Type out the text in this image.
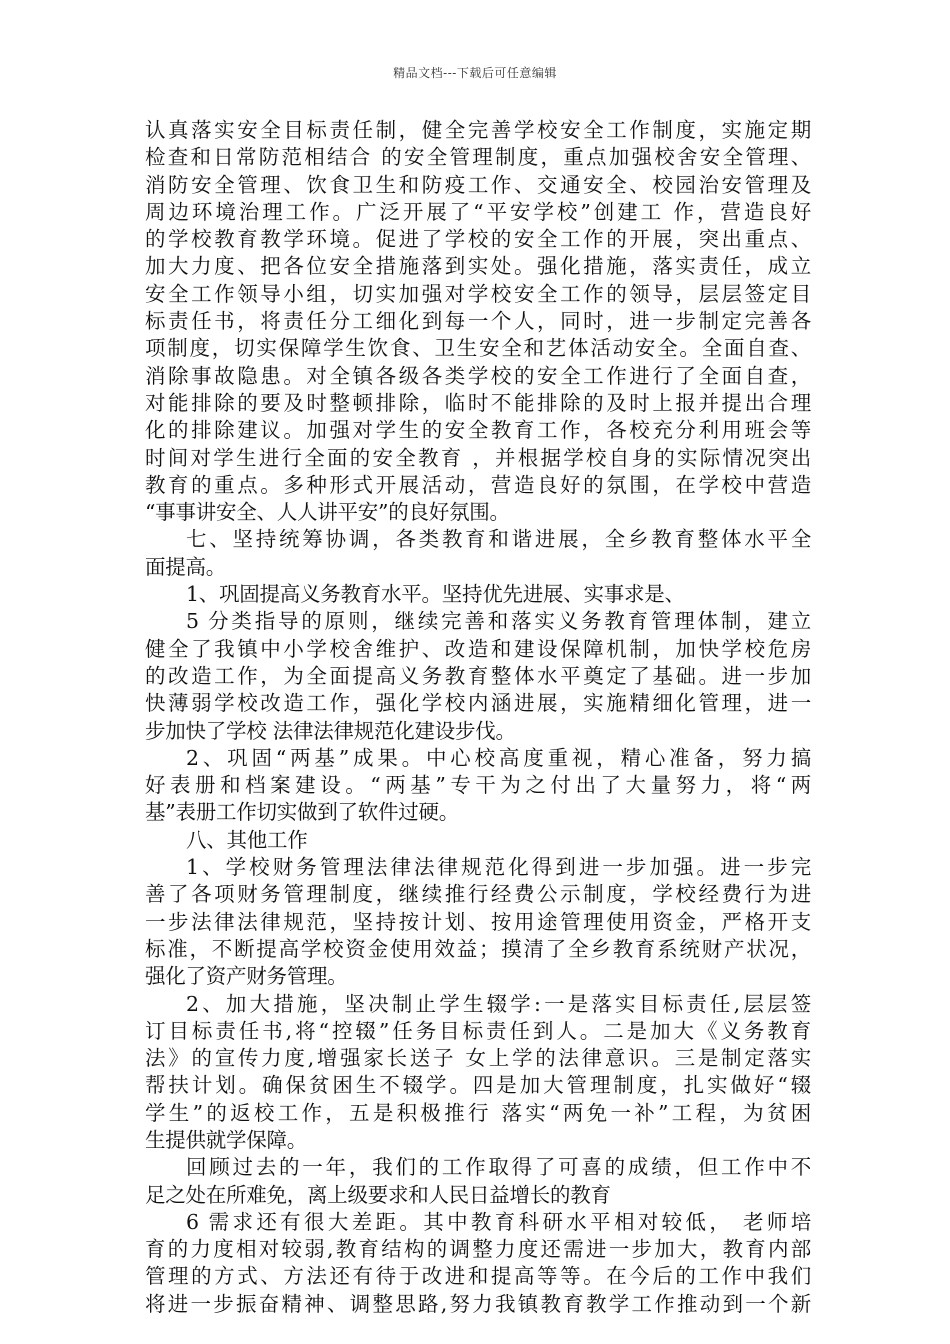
精品文档---下载后可任意编辑
认真落实安全目标责任制，健全完善学校安全工作制度，实施定期
检查和日常防范相结合 的安全管理制度，重点加强校舍安全管理、
消防安全管理、饮食卫生和防疫工作、交通安全、校园治安管理及
周边环境治理工作。广泛开展了“平安学校”创建工 作，营造良好
的学校教育教学环境。促进了学校的安全工作的开展，突出重点、
加大力度、把各位安全措施落到实处。强化措施，落实责任，成立
安全工作领导小组，切实加强对学校安全工作的领导，层层签定目
标责任书，将责任分工细化到每一个人，同时，进一步制定完善各
项制度，切实保障学生饮食、卫生安全和艺体活动安全。全面自查、
消除事故隐患。对全镇各级各类学校的安全工作进行了全面自查，
对能排除的要及时整顿排除，临时不能排除的及时上报并提出合理
化的排除建议。加强对学生的安全教育工作，各校充分利用班会等
时间对学生进行全面的安全教育 ，并根据学校自身的实际情况突出
教育的重点。多种形式开展活动，营造良好的氛围，在学校中营造
“事事讲安全、人人讲平安”的良好氛围。
七、坚持统筹协调，各类教育和谐进展，全乡教育整体水平全
面提高。
1、巩固提高义务教育水平。坚持优先进展、实事求是、
5 分类指导的原则，继续完善和落实义务教育管理体制，建立
健全了我镇中小学校舍维护、改造和建设保障机制，加快学校危房
的改造工作，为全面提高义务教育整体水平奠定了基础。进一步加
快薄弱学校改造工作，强化学校内涵进展，实施精细化管理，进一
步加快了学校 法律法律规范化建设步伐。
2、巩固“两基”成果。中心校高度重视，精心准备，努力搞
好表册和档案建设。“两基”专干为之付出了大量努力，将“两
基”表册工作切实做到了软件过硬。
八、其他工作
1、学校财务管理法律法律规范化得到进一步加强。进一步完
善了各项财务管理制度，继续推行经费公示制度，学校经费行为进
一步法律法律规范，坚持按计划、按用途管理使用资金，严格开支
标准，不断提高学校资金使用效益；摸清了全乡教育系统财产状况，
强化了资产财务管理。
2、加大措施，坚决制止学生辍学:一是落实目标责任,层层签
订目标责任书,将“控辍”任务目标责任到人。二是加大《义务教育
法》的宣传力度,增强家长送子 女上学的法律意识。三是制定落实
帮扶计划。确保贫困生不辍学。四是加大管理制度，扎实做好“辍
学生”的返校工作，五是积极推行 落实“两免一补”工程，为贫困
生提供就学保障。
回顾过去的一年，我们的工作取得了可喜的成绩，但工作中不
足之处在所难免，离上级要求和人民日益增长的教育
6 需求还有很大差距。其中教育科研水平相对较低， 老师培
育的力度相对较弱,教育结构的调整力度还需进一步加大，教育内部
管理的方式、方法还有待于改进和提高等等。在今后的工作中我们
将进一步振奋精神、调整思路,努力我镇教育教学工作推动到一个新
